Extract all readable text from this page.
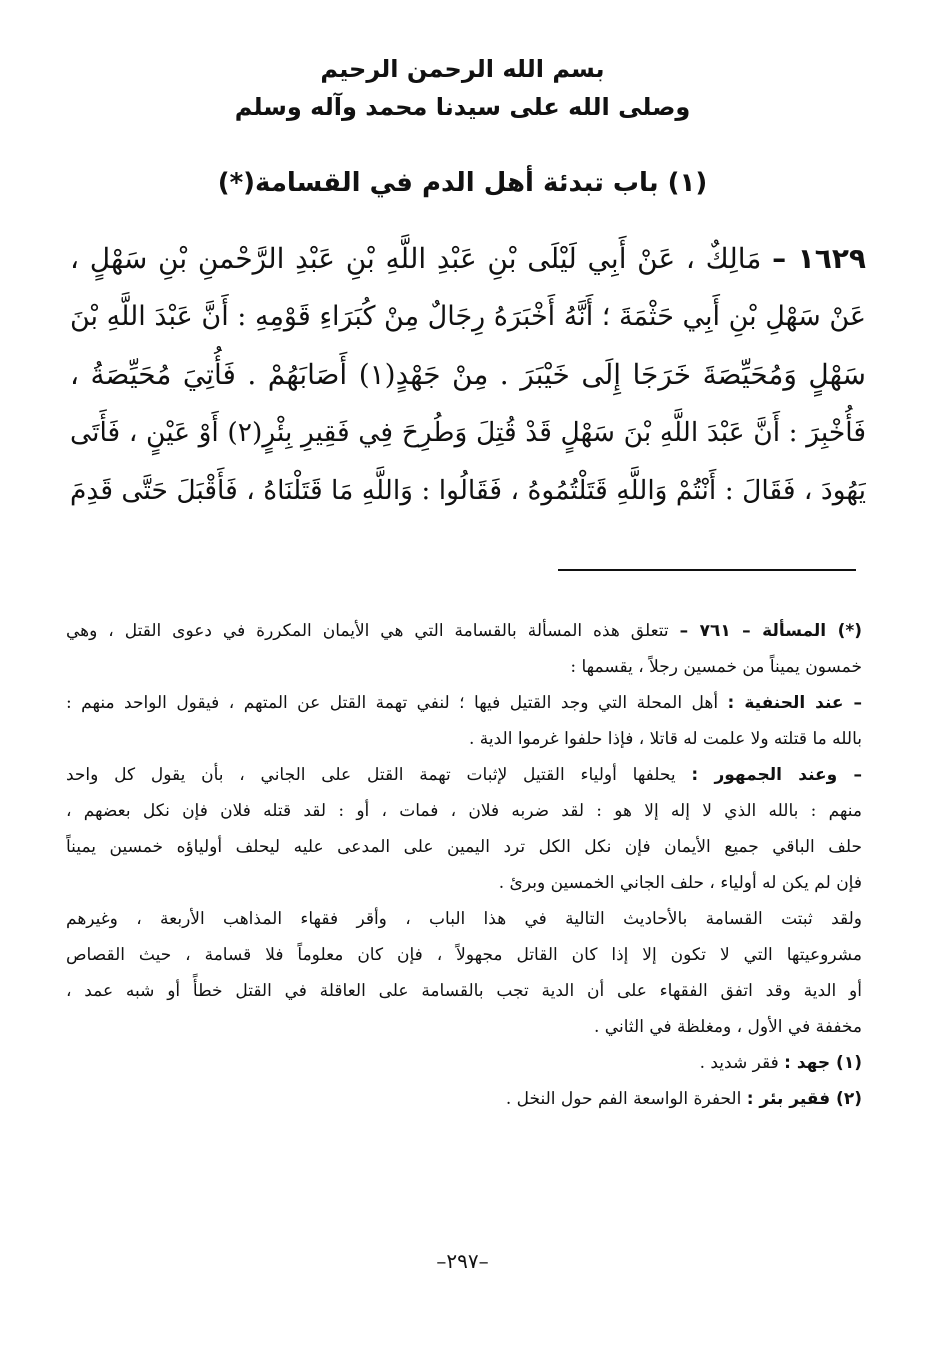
بسم الله الرحمن الرحيم
وصلى الله على سيدنا محمد وآله وسلم
(١) باب تبدئة أهل الدم في القسامة(*)
١٦٢٩ – مَالِكٌ ، عَنْ أَبِي لَيْلَى بْنِ عَبْدِ اللَّهِ بْنِ عَبْدِ الرَّحْمنِ بْنِ سَهْلٍ ،
عَنْ سَهْلِ بْنِ أَبِي حَثْمَةَ ؛ أَنَّهُ أَخْبَرَهُ رِجَالٌ مِنْ كُبَرَاءِ قَوْمِهِ : أَنَّ عَبْدَ اللَّهِ بْنَ
سَهْلٍ وَمُحَيِّصَةَ خَرَجَا إِلَى خَيْبَرَ . مِنْ جَهْدٍ(١) أَصَابَهُمْ . فَأُتِيَ مُحَيِّصَةُ ،
فَأُخْبِرَ : أَنَّ عَبْدَ اللَّهِ بْنَ سَهْلٍ قَدْ قُتِلَ وَطُرِحَ فِي فَقِيرِ بِئْرٍ(٢) أَوْ عَيْنٍ ، فَأَتَى
يَهُودَ ، فَقَالَ : أَنْتُمْ وَاللَّهِ قَتَلْتُمُوهُ ، فَقَالُوا : وَاللَّهِ مَا قَتَلْنَاهُ ، فَأَقْبَلَ حَتَّى قَدِمَ
(*) المسألة – ٧٦١ – تتعلق هذه المسألة بالقسامة التي هي الأيمان المكررة في دعوى القتل ، وهي
خمسون يميناً من خمسين رجلاً ، يقسمها :
– عند الحنفية : أهل المحلة التي وجد القتيل فيها ؛ لنفي تهمة القتل عن المتهم ، فيقول الواحد منهم :
بالله ما قتلته ولا علمت له قاتلا ، فإذا حلفوا غرموا الدية .
– وعند الجمهور : يحلفها أولياء القتيل لإثبات تهمة القتل على الجاني ، بأن يقول كل واحد
منهم : بالله الذي لا إله إلا هو : لقد ضربه فلان ، فمات ، أو : لقد قتله فلان فإن نكل بعضهم ،
حلف الباقي جميع الأيمان فإن نكل الكل ترد اليمين على المدعى عليه ليحلف أولياؤه خمسين يميناً
فإن لم يكن له أولياء ، حلف الجاني الخمسين وبرئ .
ولقد ثبتت القسامة بالأحاديث التالية في هذا الباب ، وأقر فقهاء المذاهب الأربعة ، وغيرهم
مشروعيتها التي لا تكون إلا إذا كان القاتل مجهولاً ، فإن كان معلوماً فلا قسامة ، حيث القصاص
أو الدية وقد اتفق الفقهاء على أن الدية تجب بالقسامة على العاقلة في القتل خطأً أو شبه عمد ،
مخففة في الأول ، ومغلظة في الثاني .
(١) جهد : فقر شديد .
(٢) فقير بئر : الحفرة الواسعة الفم حول النخل .
–٢٩٧–
